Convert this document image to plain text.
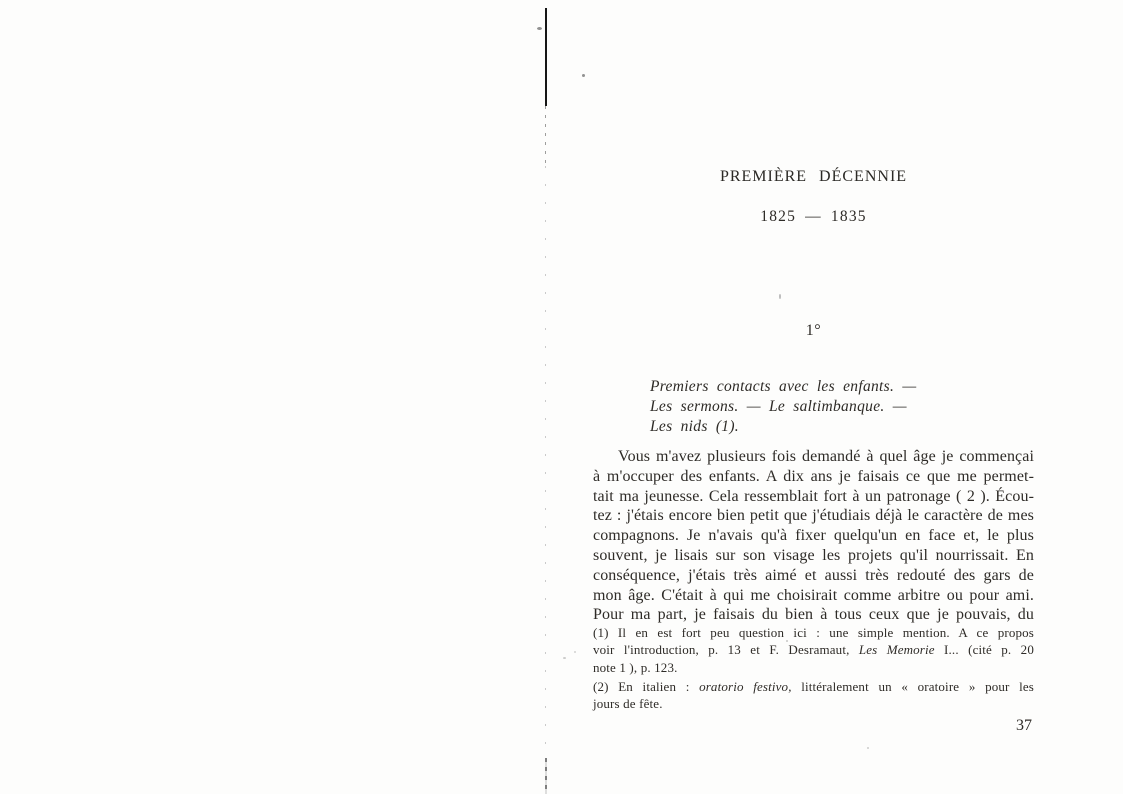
PREMIÈRE DÉCENNIE
1825 — 1835
1°
Premiers contacts avec les enfants. —
Les sermons. — Le saltimbanque. —
Les nids (1).
Vous m'avez plusieurs fois demandé à quel âge je commençai
à m'occuper des enfants. A dix ans je faisais ce que me permet-
tait ma jeunesse. Cela ressemblait fort à un patronage ( 2 ). Écou-
tez : j'étais encore bien petit que j'étudiais déjà le caractère de mes
compagnons. Je n'avais qu'à fixer quelqu'un en face et, le plus
souvent, je lisais sur son visage les projets qu'il nourrissait. En
conséquence, j'étais très aimé et aussi très redouté des gars de
mon âge. C'était à qui me choisirait comme arbitre ou pour ami.
Pour ma part, je faisais du bien à tous ceux que je pouvais, du
(1) Il en est fort peu question ici : une simple mention. A ce propos
voir l'introduction, p. 13 et F. Desramaut, Les Memorie I... (cité p. 20
note 1 ), p. 123.
(2) En italien : oratorio festivo, littéralement un « oratoire » pour les
jours de fête.
37
